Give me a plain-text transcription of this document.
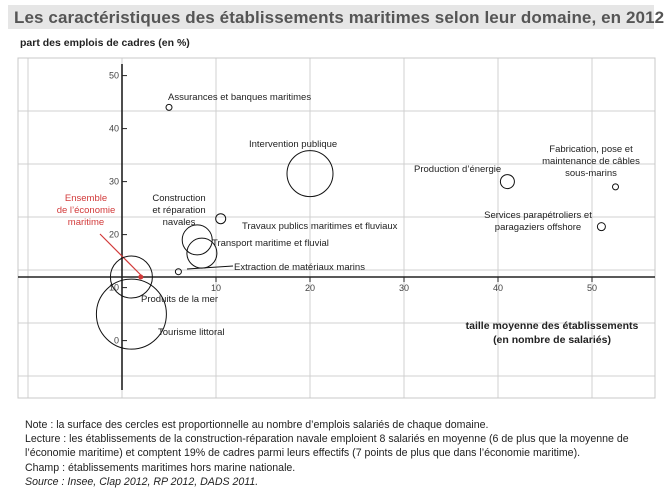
Les caractéristiques des établissements maritimes selon leur domaine, en 2012
0
10
20
30
40
50
10	20	30	40	50
part des emplois de cadres (en %)
taille moyenne des établissements
(en nombre de salariés)
Ensemble
de l’économie
maritime
Assurances et banques maritimes
Intervention publique
Production d’énergie
Fabrication, pose et
maintenance de câbles
sous-marins
Services parapétroliers et
paragaziers offshore
Construction
et réparation
navales	Travaux publics maritimes et fluviaux
Transport maritime et fluvial
Extraction de matériaux marins
Produits de la mer
Tourisme littoral
Note : la surface des cercles est proportionnelle au nombre d’emplois salariés de chaque domaine.
Lecture : les établissements de la construction-réparation navale emploient 8 salariés en moyenne (6 de plus que la moyenne de l’économie maritime) et comptent 19% de cadres parmi leurs effectifs (7 points de plus que dans l’économie maritime).
Champ : établissements maritimes hors marine nationale.
Source : Insee, Clap 2012, RP 2012, DADS 2011.
